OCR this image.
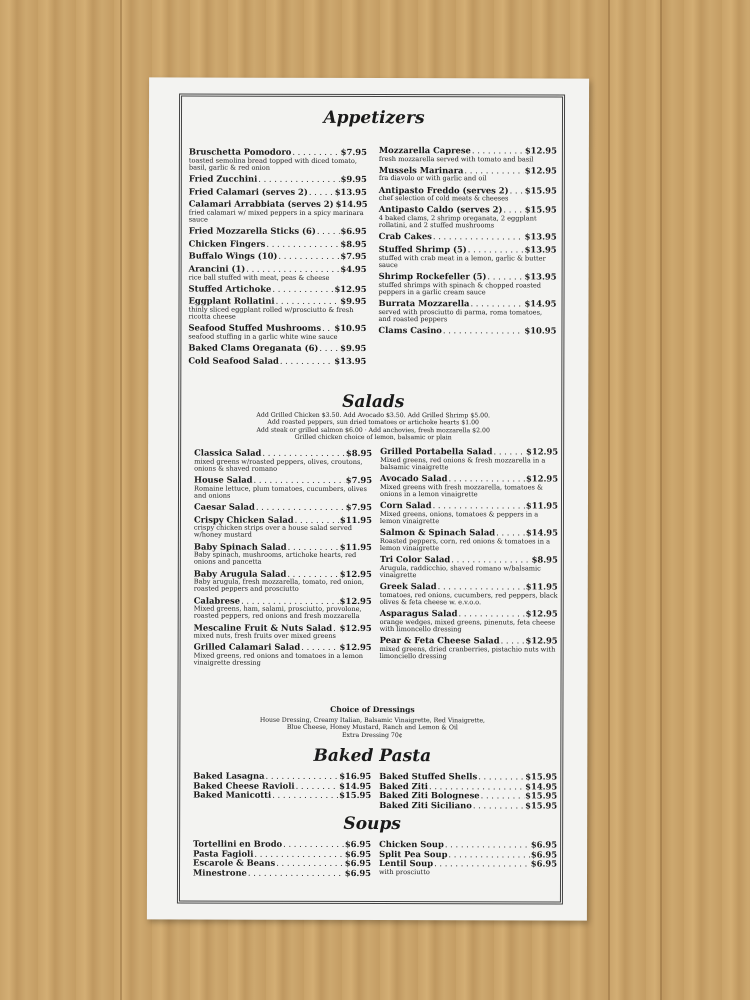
Appetizers
Bruschetta Pomodoro . . .	$7.95
toasted semolina bread topped with diced tomato, basil, garlic & red onion
Fried Zucchini . . .	$9.95
Fried Calamari (serves 2) . . .	$13.95
Calamari Arrabbiata (serves 2) . . . $14.95
fried calamari w/ mixed peppers in a spicy marinara sauce
Fried Mozzarella Sticks (6) . . .	$6.95
Chicken Fingers . . .	$8.95
Buffalo Wings (10) . . .	$7.95
Arancini (1) . . .	$4.95
rice ball stuffed with meat, peas & cheese
Stuffed Artichoke . . .	$12.95
Eggplant Rollatini . . .	$9.95
thinly sliced eggplant rolled w/prosciutto & fresh ricotta cheese
Seafood Stuffed Mushrooms . . . $10.95
seafood stuffing in a garlic white wine sauce
Baked Clams Oreganata (6) . . .	$9.95
Cold Seafood Salad . . .	$13.95
Mozzarella Caprese . . .	$12.95
fresh mozzarella served with tomato and basil
Mussels Marinara . . .	$12.95
fra diavolo or with garlic and oil
Antipasto Freddo (serves 2) . . . $15.95
chef selection of cold meats & cheeses
Antipasto Caldo (serves 2) . . .	$15.95
4 baked clams, 2 shrimp oreganata, 2 eggplant rollatini, and 2 stuffed mushrooms
Crab Cakes . . .	$13.95
Stuffed Shrimp (5) . . .	$13.95
stuffed with crab meat in a lemon, garlic & butter sauce
Shrimp Rockefeller (5) . . .	$13.95
stuffed shrimps with spinach & chopped roasted peppers in a garlic cream sauce
Burrata Mozzarella . . .	$14.95
served with prosciutto di parma, roma tomatoes, and roasted peppers
Clams Casino . . .	$10.95
Salads
Add Grilled Chicken $3.50. Add Avocado $3.50. Add Grilled Shrimp $5.00.
Add roasted peppers, sun dried tomatoes or artichoke hearts $1.00
Add steak or grilled salmon $6.00 · Add anchovies, fresh mozzarella $2.00
Grilled chicken choice of lemon, balsamic or plain
Classica Salad . . .	$8.95
mixed greens w/roasted peppers, olives, croutons, onions & shaved romano
House Salad . . .	$7.95
Romaine lettuce, plum tomatoes, cucumbers, olives and onions
Caesar Salad . . .	$7.95
Crispy Chicken Salad . . .	$11.95
crispy chicken strips over a house salad served w/honey mustard
Baby Spinach Salad . . .	$11.95
Baby spinach, mushrooms, artichoke hearts, red onions and pancetta
Baby Arugula Salad . . .	$12.95
Baby arugula, fresh mozzarella, tomato, red onion, roasted peppers and prosciutto
Calabrese . . .	$12.95
Mixed greens, ham, salami, prosciutto, provolone, roasted peppers, red onions and fresh mozzarella
Mescaline Fruit & Nuts Salad . . . $12.95
mixed nuts, fresh fruits over mixed greens
Grilled Calamari Salad . . .	$12.95
Mixed greens, red onions and tomatoes in a lemon vinaigrette dressing
Grilled Portabella Salad . . .	$12.95
Mixed greens, red onions & fresh mozzarella in a balsamic vinaigrette
Avocado Salad . . .	$12.95
Mixed greens with fresh mozzarella, tomatoes & onions in a lemon vinaigrette
Corn Salad . . .	$11.95
Mixed greens, onions, tomatoes & peppers in a lemon vinaigrette
Salmon & Spinach Salad . . .	$14.95
Roasted peppers, corn, red onions & tomatoes in a lemon vinaigrette
Tri Color Salad . . .	$8.95
Arugula, raddicchio, shaved romano w/balsamic vinaigrette
Greek Salad . . .	$11.95
tomatoes, red onions, cucumbers, red peppers, black olives & feta cheese w. e.v.o.o.
Asparagus Salad . . .	$12.95
orange wedges, mixed greens, pinenuts, feta cheese with limoncello dressing
Pear & Feta Cheese Salad . . .	$12.95
mixed greens, dried cranberries, pistachio nuts with limonciello dressing
Choice of Dressings
House Dressing, Creamy Italian, Balsamic Vinaigrette, Red Vinaigrette,
Blue Cheese, Honey Mustard, Ranch and Lemon & Oil
Extra Dressing 70¢
Baked Pasta
Baked Lasagna . . .	$16.95
Baked Cheese Ravioli . . .	$14.95
Baked Manicotti . . .	$15.95
Baked Stuffed Shells . . .	$15.95
Baked Ziti . . .	$14.95
Baked Ziti Bolognese . . .	$15.95
Baked Ziti Siciliano . . .	$15.95
Soups
Tortellini en Brodo . . .	$6.95
Pasta Fagioli . . .	$6.95
Escarole & Beans . . .	$6.95
Minestrone . . .	$6.95
Chicken Soup . . .	$6.95
Split Pea Soup . . .	$6.95
Lentil Soup . . .	$6.95
with prosciutto
